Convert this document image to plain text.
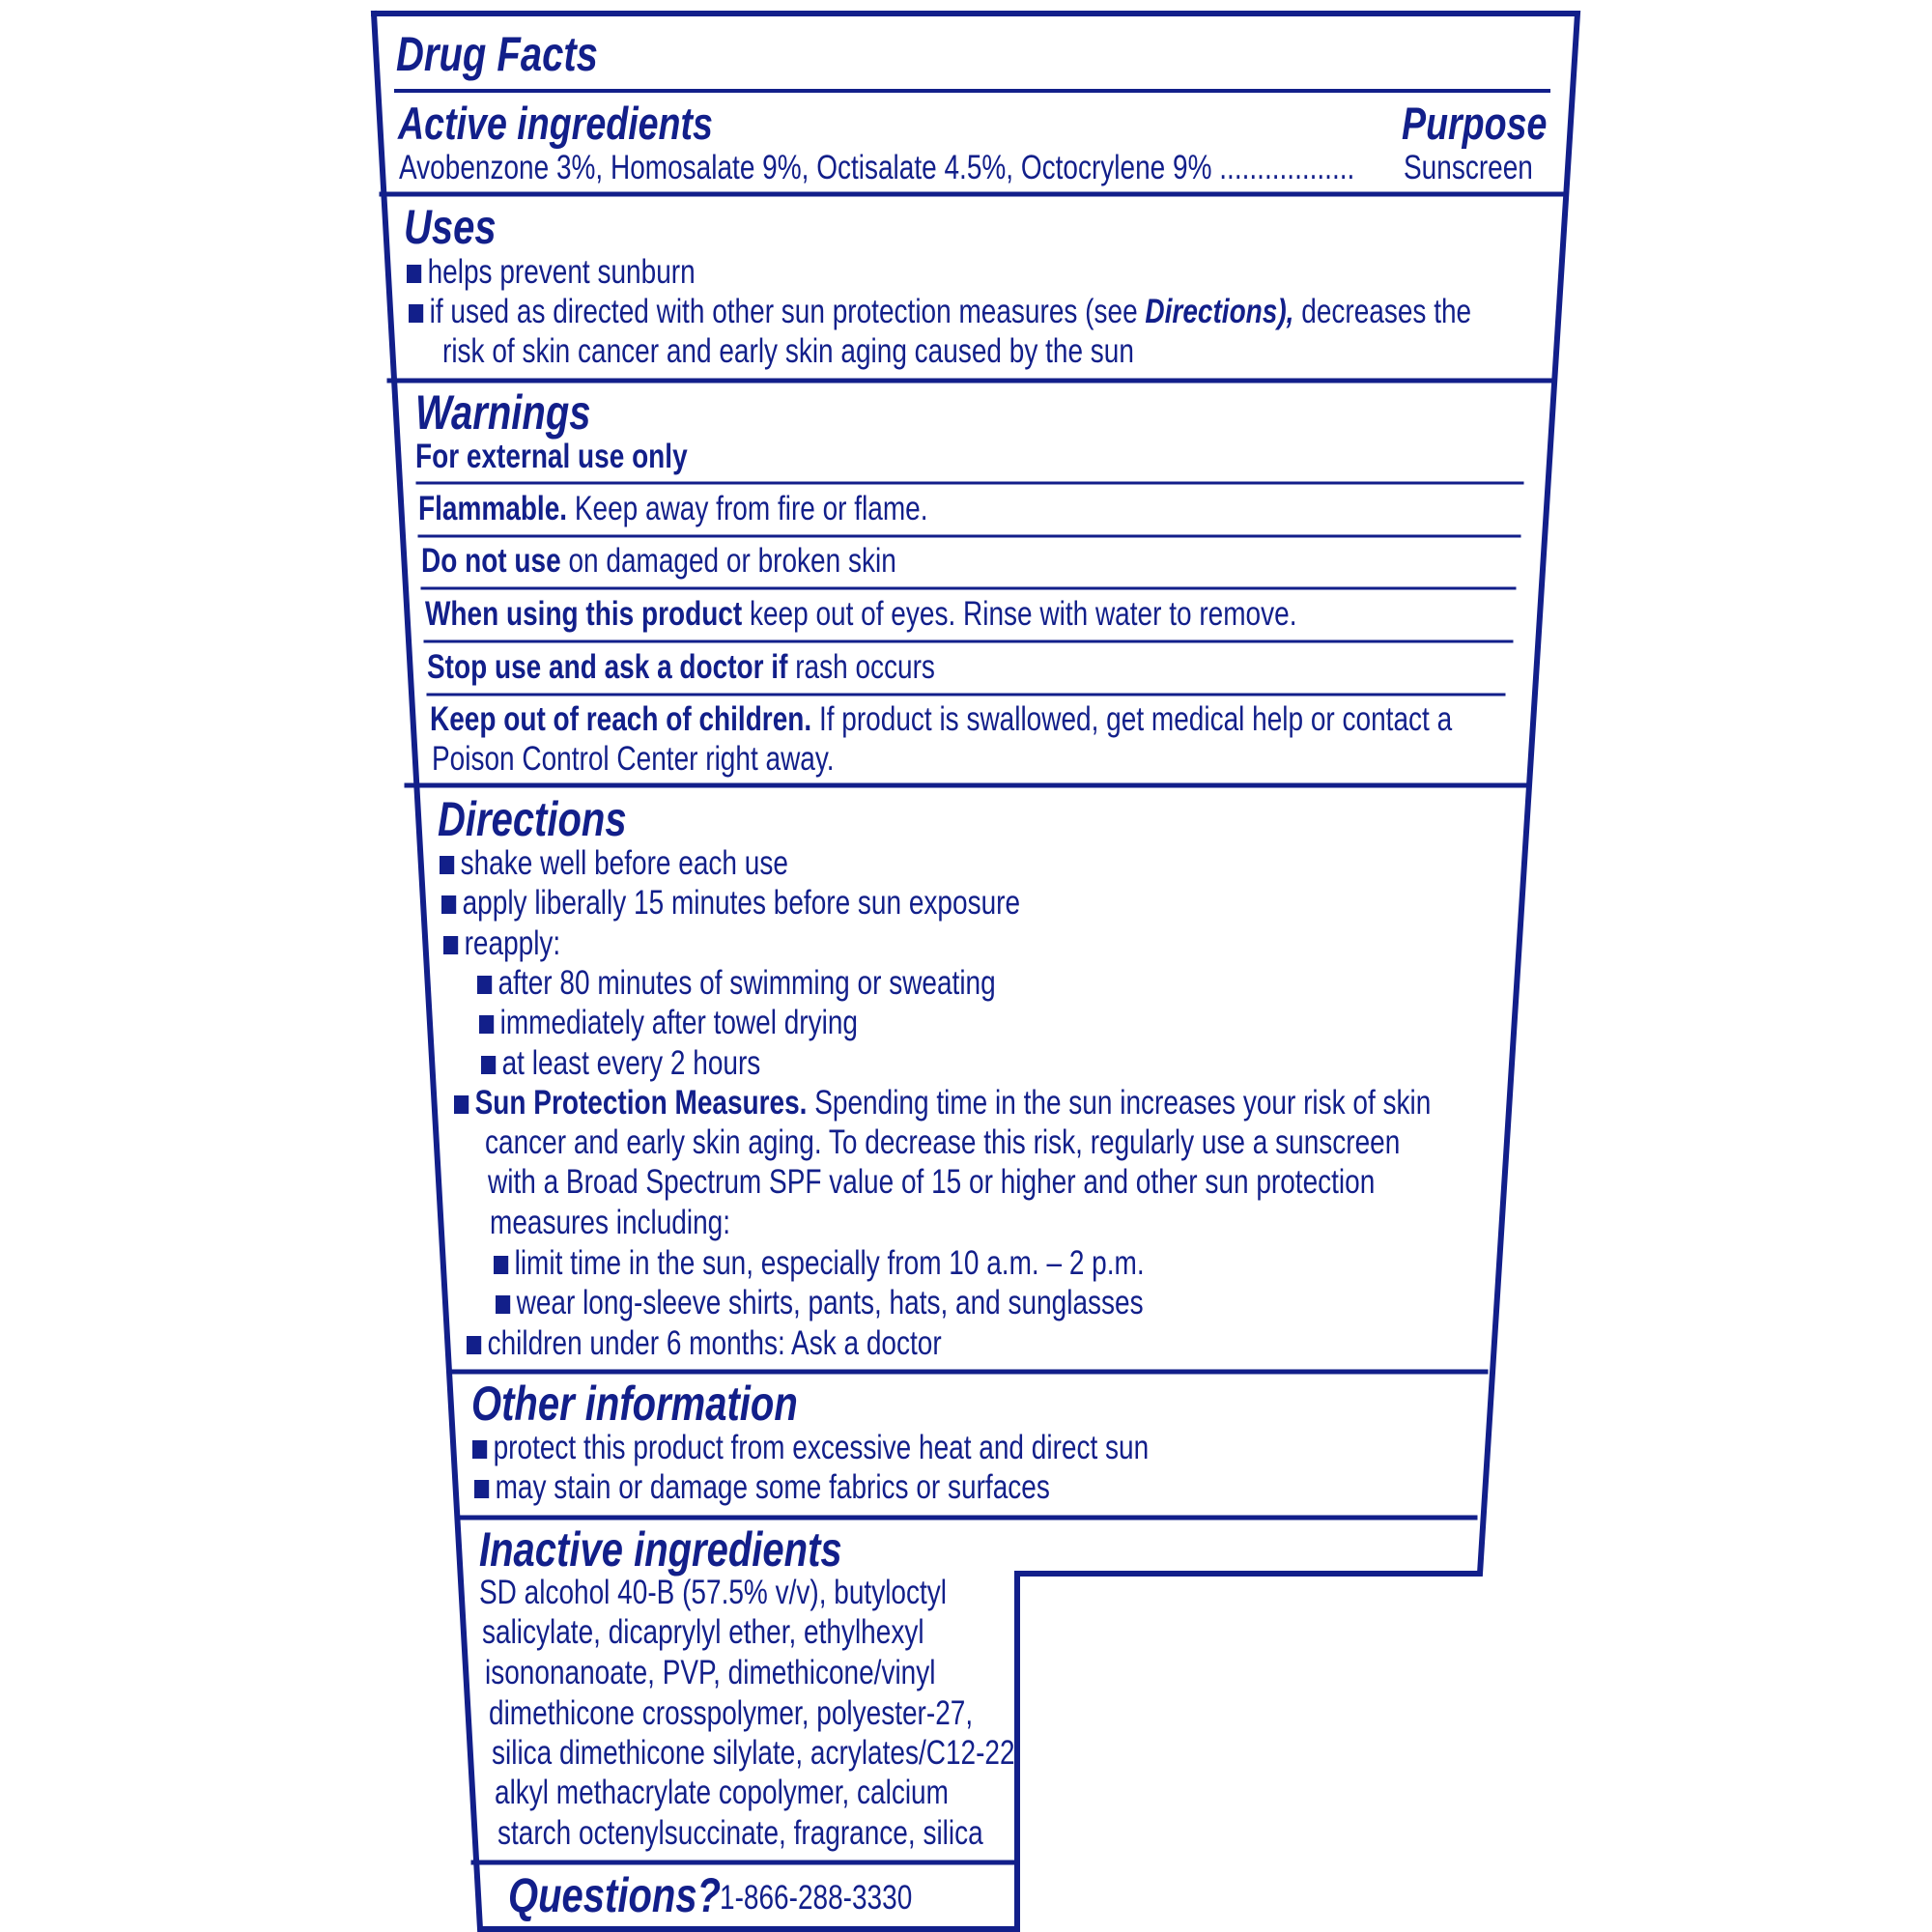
Drug Facts
Active ingredients	Purpose
Avobenzone 3%, Homosalate 9%, Octisalate 4.5%, Octocrylene 9% .................. Sunscreen
Uses
helps prevent sunburn
if used as directed with other sun protection measures (see Directions), decreases the
risk of skin cancer and early skin aging caused by the sun
Warnings
For external use only
Flammable. Keep away from fire or flame.
Do not use on damaged or broken skin
When using this product keep out of eyes. Rinse with water to remove.
Stop use and ask a doctor if rash occurs
Keep out of reach of children. If product is swallowed, get medical help or contact a
Poison Control Center right away.
Directions
shake well before each use
apply liberally 15 minutes before sun exposure
reapply:
after 80 minutes of swimming or sweating
immediately after towel drying
at least every 2 hours
Sun Protection Measures. Spending time in the sun increases your risk of skin
cancer and early skin aging. To decrease this risk, regularly use a sunscreen
with a Broad Spectrum SPF value of 15 or higher and other sun protection
measures including:
limit time in the sun, especially from 10 a.m. – 2 p.m.
wear long-sleeve shirts, pants, hats, and sunglasses
children under 6 months: Ask a doctor
Other information
protect this product from excessive heat and direct sun
may stain or damage some fabrics or surfaces
Inactive ingredients
SD alcohol 40-B (57.5% v/v), butyloctyl
salicylate, dicaprylyl ether, ethylhexyl
isononanoate, PVP, dimethicone/vinyl
dimethicone crosspolymer, polyester-27,
silica dimethicone silylate, acrylates/C12-22
alkyl methacrylate copolymer, calcium
starch octenylsuccinate, fragrance, silica
Questions?
1-866-288-3330
